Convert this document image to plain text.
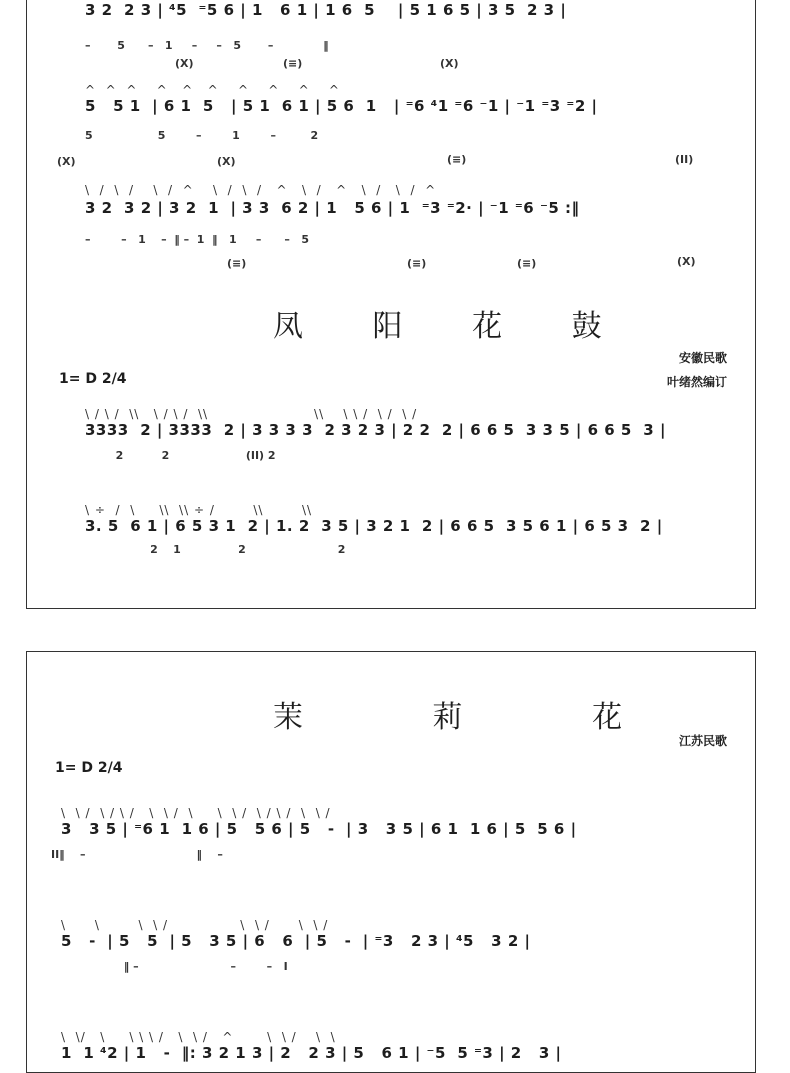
3 2  2 3 | ⁴5  ⁼5 6 | 1   6 1 | 1 6  5    | 5 1 6 5 | 3 5  2 3 |
–       5      –   1     –     –   5       –             ‖
^  ^  ^    ^   ^   ^    ^    ^    ^    ^
5   5 1  | 6 1  5   | 5 1  6 1 | 5 6  1   | ⁼6 ⁴1 ⁼6 ⁻1 | ⁻1 ⁼3 ⁼2 |
5                 5        –        1        –         2
\  /  \  /    \  /  ^    \  /  \  /   ^   \  /   ^   \  /   \  /  ^
3 2  3 2 | 3 2  1  | 3 3  6 2 | 1   5 6 | 1  ⁼3 ⁼2· | ⁻1 ⁼6 ⁻5 :‖
–        –   1    –  ‖ –  1  ‖   1     –      –   5
(X)	(≡)	(X)
(X)	(X)	(≡)	(II)
(≡)	(≡)	(≡)	(X)
凤 阳 花 鼓
安徽民歌
叶绪然编订
1= D 2/4
\ / \ /  \\   \ / \ /  \\                      \\    \ \ /  \ /  \ /
3333  2 | 3333  2 | 3 3 3 3  2 3 2 3 | 2 2  2 | 6 6 5  3 3 5 | 6 6 5  3 |
2          2                    (II) 2
\ ÷  /  \     \\  \\ ÷ /        \\        \\
3. 5  6 1 | 6 5 3 1  2 | 1. 2  3 5 | 3 2 1  2 | 6 6 5  3 5 6 1 | 6 5 3  2 |
2    1               2                        2
茉 莉 花
江苏民歌
1= D 2/4
\  \ /  \ / \ /   \  \ /  \     \  \ /  \ / \ /  \  \ /
3   3 5 | ⁼6 1  1 6 | 5   5 6 | 5   -  | 3   3 5 | 6 1  1 6 | 5  5 6 |
II‖    –                             ‖    –
\      \        \  \ /               \  \ /      \  \ /
5   -  | 5   5  | 5   3 5 | 6   6  | 5   -  | ⁼3   2 3 | ⁴5   3 2 |
‖ –                        –        –   I
\  \/   \     \ \ \ /   \  \ /   ^       \  \ /    \  \
1  1 ⁴2 | 1   -  ‖: 3 2 1 3 | 2   2 3 | 5   6 1 | ⁻5  5 ⁼3 | 2   3 |
